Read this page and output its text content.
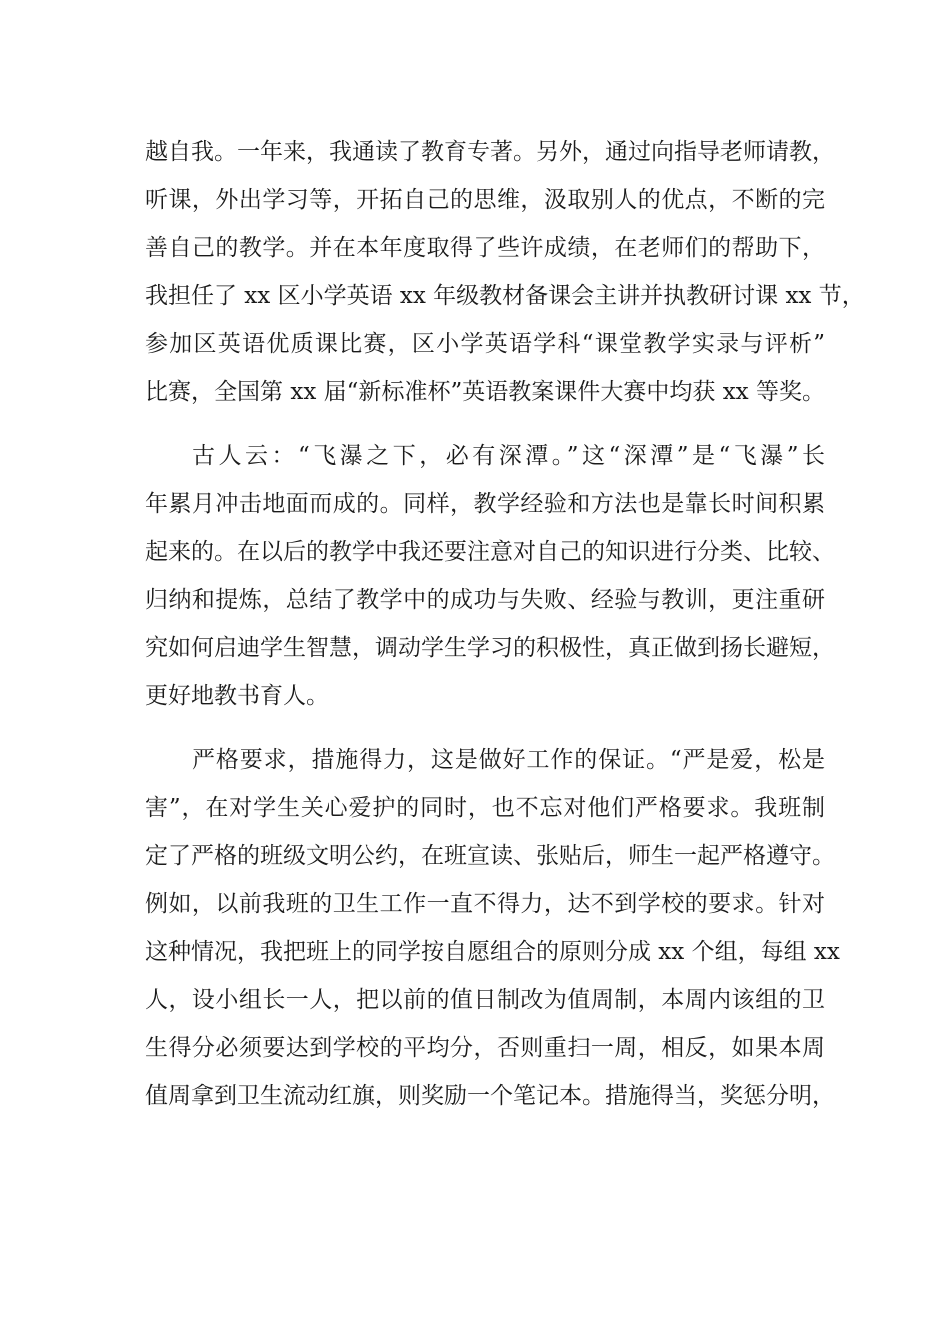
越自我。一年来，我通读了教育专著。另外，通过向指导老师请教，
听课，外出学习等，开拓自己的思维，汲取别人的优点，不断的完
善自己的教学。并在本年度取得了些许成绩，在老师们的帮助下，
我担任了 xx 区小学英语 xx 年级教材备课会主讲并执教研讨课 xx 节，
参加区英语优质课比赛，区小学英语学科“课堂教学实录与评析”
比赛，全国第 xx 届“新标准杯”英语教案课件大赛中均获 xx 等奖。
古人云：“飞瀑之下，必有深潭。”这“深潭”是“飞瀑”长
年累月冲击地面而成的。同样，教学经验和方法也是靠长时间积累
起来的。在以后的教学中我还要注意对自己的知识进行分类、比较、
归纳和提炼，总结了教学中的成功与失败、经验与教训，更注重研
究如何启迪学生智慧，调动学生学习的积极性，真正做到扬长避短，
更好地教书育人。
严格要求，措施得力，这是做好工作的保证。“严是爱，松是
害”，在对学生关心爱护的同时，也不忘对他们严格要求。我班制
定了严格的班级文明公约，在班宣读、张贴后，师生一起严格遵守。
例如，以前我班的卫生工作一直不得力，达不到学校的要求。针对
这种情况，我把班上的同学按自愿组合的原则分成 xx 个组，每组 xx
人，设小组长一人，把以前的值日制改为值周制，本周内该组的卫
生得分必须要达到学校的平均分，否则重扫一周，相反，如果本周
值周拿到卫生流动红旗，则奖励一个笔记本。措施得当，奖惩分明，
